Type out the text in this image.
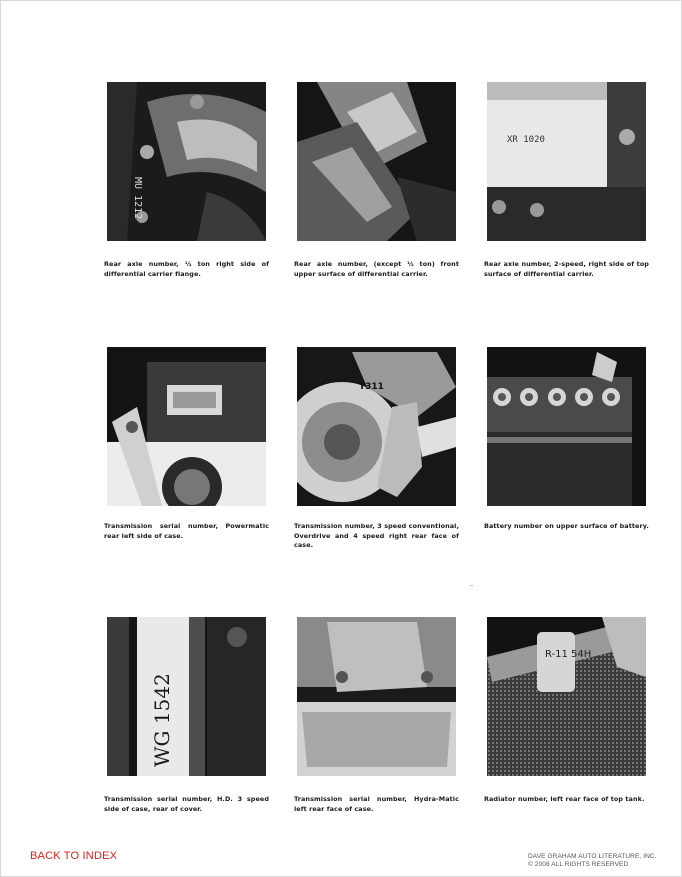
MU 1212
Rear axle number, ½ ton right side of differential carrier flange.
Rear axle number, (except ½ ton) front upper surface of differential carrier.
XR 1020
Rear axle number, 2-speed, right side of top surface of differential carrier.
Transmission serial number, Powermatic rear left side of case.
T311
Transmission number, 3 speed conventional, Overdrive and 4 speed right rear face of case.
Battery number on upper surface of battery.
WG 1542
Transmission serial number, H.D. 3 speed side of case, rear of cover.
Transmission serial number, Hydra-Matic left rear face of case.
R-11 54H
Radiator number, left rear face of top tank.
BACK TO INDEX	DAVE GRAHAM AUTO LITERATURE, INC.
© 2008 ALL RIGHTS RESERVED
